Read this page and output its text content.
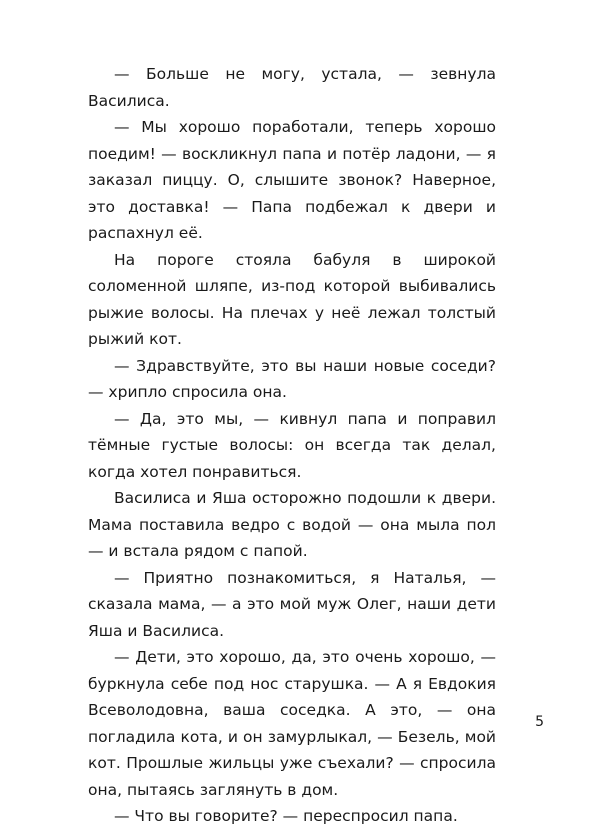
— Больше не могу, устала, — зевнула Василиса.

— Мы хорошо поработали, теперь хорошо поедим! — воскликнул папа и потёр ладони, — я заказал пиццу. О, слышите звонок? Наверное, это доставка! — Папа подбежал к двери и распахнул её.

На пороге стояла бабуля в широкой соломенной шляпе, из-под которой выбивались рыжие волосы. На плечах у неё лежал толстый рыжий кот.

— Здравствуйте, это вы наши новые соседи? — хрипло спросила она.

— Да, это мы, — кивнул папа и поправил тёмные густые волосы: он всегда так делал, когда хотел понравиться.

Василиса и Яша осторожно подошли к двери. Мама поставила ведро с водой — она мыла пол — и встала рядом с папой.

— Приятно познакомиться, я Наталья, — сказала мама, — а это мой муж Олег, наши дети Яша и Василиса.

— Дети, это хорошо, да, это очень хорошо, — буркнула себе под нос старушка. — А я Евдокия Всеволодовна, ваша соседка. А это, — она погладила кота, и он замурлыкал, — Безель, мой кот. Прошлые жильцы уже съехали? — спросила она, пытаясь заглянуть в дом.

— Что вы говорите? — переспросил папа.

5
